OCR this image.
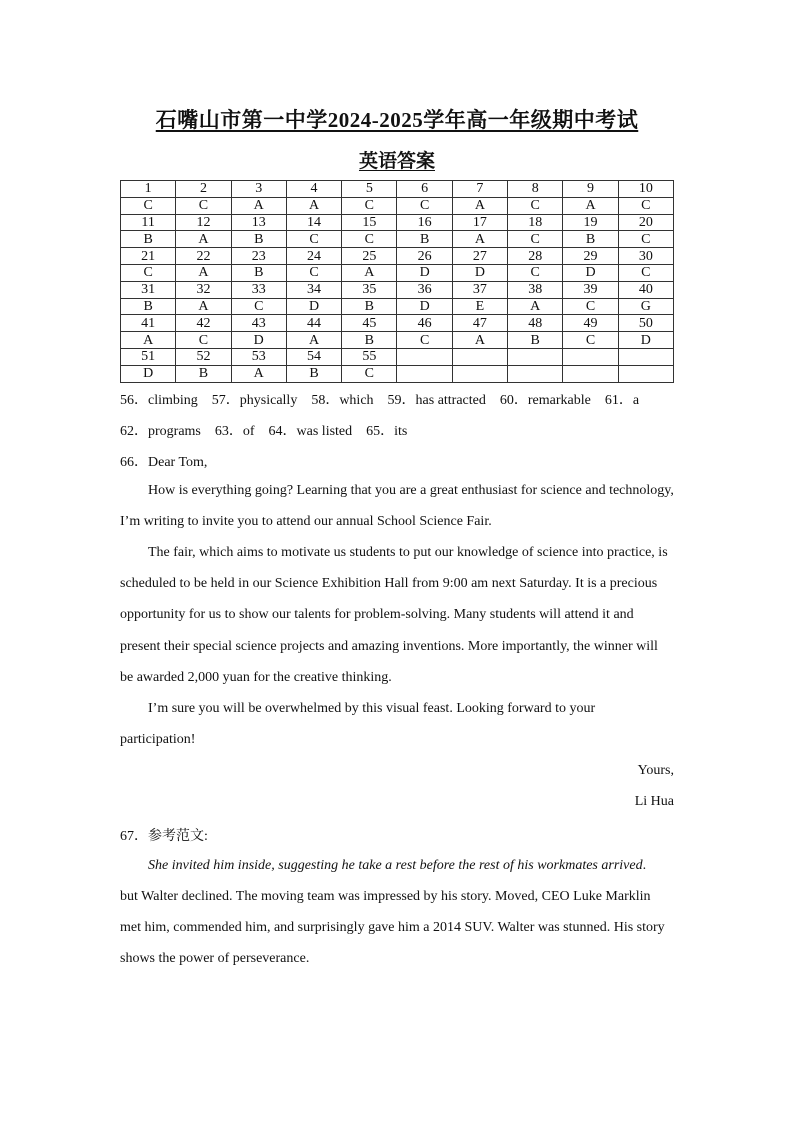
石嘴山市第一中学2024-2025学年高一年级期中考试
英语答案
1	2	3	4	5	6	7	8	9	10
C	C	A	A	C	C	A	C	A	C
11	12	13	14	15	16	17	18	19	20
B	A	B	C	C	B	A	C	B	C
21	22	23	24	25	26	27	28	29	30
C	A	B	C	A	D	D	C	D	C
31	32	33	34	35	36	37	38	39	40
B	A	C	D	B	D	E	A	C	G
41	42	43	44	45	46	47	48	49	50
A	C	D	A	B	C	A	B	C	D
51	52	53	54	55					
D	B	A	B	C					
56．climbing　57．physically　58．which　59．has attracted　60．remarkable　61．a
62．programs　63．of　64．was listed　65．its
66．Dear Tom,

How is everything going? Learning that you are a great enthusiast for science and technology, I’m writing to invite you to attend our annual School Science Fair.

The fair, which aims to motivate us students to put our knowledge of science into practice, is scheduled to be held in our Science Exhibition Hall from 9:00 am next Saturday. It is a precious opportunity for us to show our talents for problem-solving. Many students will attend it and present their special science projects and amazing inventions. More importantly, the winner will be awarded 2,000 yuan for the creative thinking.

I’m sure you will be overwhelmed by this visual feast. Looking forward to your participation!

Yours,
Li Hua
67．参考范文:

She invited him inside, suggesting he take a rest before the rest of his workmates arrived.

but Walter declined. The moving team was impressed by his story. Moved, CEO Luke Marklin met him, commended him, and surprisingly gave him a 2014 SUV. Walter was stunned. His story shows the power of perseverance.
